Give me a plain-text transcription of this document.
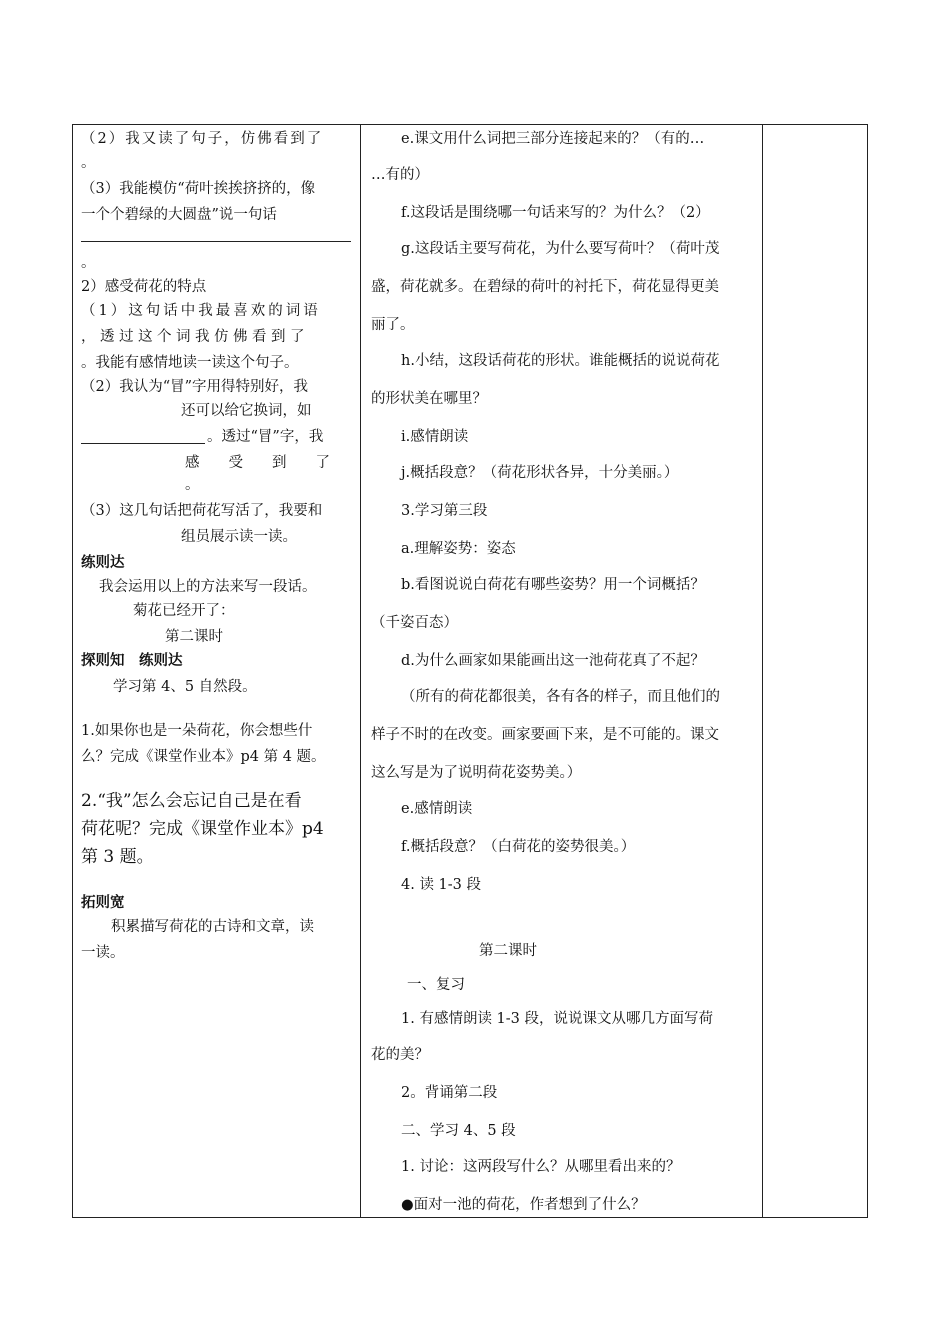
（2）我又读了句子，仿佛看到了
。
（3）我能模仿“荷叶挨挨挤挤的，像
一个个碧绿的大圆盘”说一句话
。
2）感受荷花的特点
（1）这句话中我最喜欢的词语
，透过这个词我仿佛看到了
。我能有感情地读一读这个句子。
（2）我认为“冒”字用得特别好，我
还可以给它换词，如
。透过“冒”字，我
感　　受　　到　　了
。
（3）这几句话把荷花写活了，我要和
组员展示读一读。
练则达
我会运用以上的方法来写一段话。
菊花已经开了：
第二课时
探则知　练则达
学习第 4、5 自然段。
1.如果你也是一朵荷花，你会想些什
么？完成《课堂作业本》p4 第 4 题。
2.“我”怎么会忘记自己是在看
荷花呢？完成《课堂作业本》p4
第 3 题。
拓则宽
积累描写荷花的古诗和文章，读
一读。
e.课文用什么词把三部分连接起来的？（有的…
…有的）
f.这段话是围绕哪一句话来写的？为什么？（2）
g.这段话主要写荷花，为什么要写荷叶？（荷叶茂
盛，荷花就多。在碧绿的荷叶的衬托下，荷花显得更美
丽了。
h.小结，这段话荷花的形状。谁能概括的说说荷花
的形状美在哪里？
i.感情朗读
j.概括段意？（荷花形状各异，十分美丽。）
3.学习第三段
a.理解姿势：姿态
b.看图说说白荷花有哪些姿势？用一个词概括？
（千姿百态）
d.为什么画家如果能画出这一池荷花真了不起？
（所有的荷花都很美，各有各的样子，而且他们的
样子不时的在改变。画家要画下来，是不可能的。课文
这么写是为了说明荷花姿势美。）
e.感情朗读
f.概括段意？（白荷花的姿势很美。）
4. 读 1-3 段
第二课时
一、复习
1. 有感情朗读 1-3 段，说说课文从哪几方面写荷
花的美？
2。背诵第二段
二、学习 4、5 段
1. 讨论：这两段写什么？从哪里看出来的？
●面对一池的荷花，作者想到了什么？
